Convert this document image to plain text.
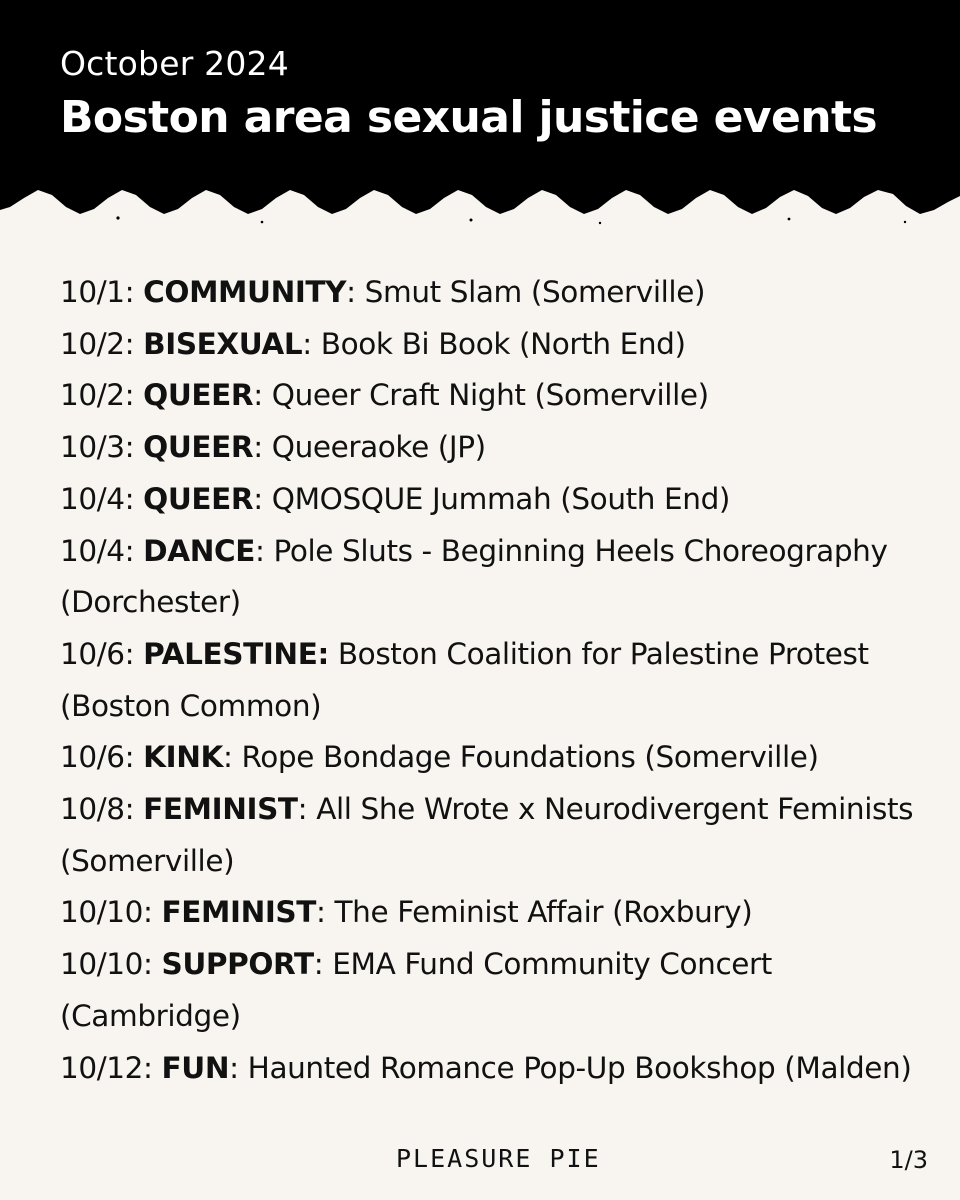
October 2024
Boston area sexual justice events
10/1: COMMUNITY: Smut Slam (Somerville)
10/2: BISEXUAL: Book Bi Book (North End)
10/2: QUEER: Queer Craft Night (Somerville)
10/3: QUEER: Queeraoke (JP)
10/4: QUEER: QMOSQUE Jummah (South End)
10/4: DANCE: Pole Sluts - Beginning Heels Choreography (Dorchester)
10/6: PALESTINE: Boston Coalition for Palestine Protest (Boston Common)
10/6: KINK: Rope Bondage Foundations (Somerville)
10/8: FEMINIST: All She Wrote x Neurodivergent Feminists (Somerville)
10/10: FEMINIST: The Feminist Affair (Roxbury)
10/10: SUPPORT: EMA Fund Community Concert (Cambridge)
10/12: FUN: Haunted Romance Pop-Up Bookshop (Malden)
PLEASURE PIE	1/3
